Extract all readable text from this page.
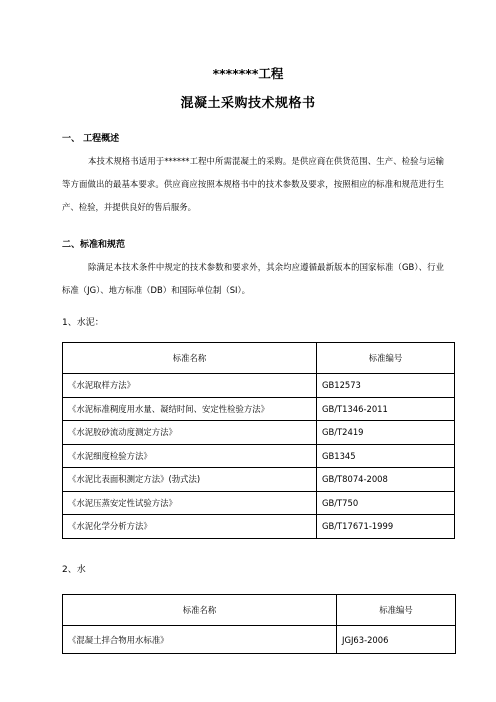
*******工程
混凝土采购技术规格书
一、 工程概述
本技术规格书适用于******工程中所需混凝土的采购。是供应商在供货范围、生产、检验与运输等方面做出的最基本要求。供应商应按照本规格书中的技术参数及要求，按照相应的标准和规范进行生产、检验，并提供良好的售后服务。
二、标准和规范
除满足本技术条件中规定的技术参数和要求外，其余均应遵循最新版本的国家标准（GB）、行业标准（JG）、地方标准（DB）和国际单位制（SI）。
1、水泥：
标准名称	标准编号
《水泥取样方法》	GB12573
《水泥标准稠度用水量、凝结时间、安定性检验方法》	GB/T1346-2011
《水泥胶砂流动度测定方法》	GB/T2419
《水泥细度检验方法》	GB1345
《水泥比表面积测定方法》(勃式法)	GB/T8074-2008
《水泥压蒸安定性试验方法》	GB/T750
《水泥化学分析方法》	GB/T17671-1999
2、水
标准名称	标准编号
《混凝土拌合物用水标准》	JGJ63-2006
